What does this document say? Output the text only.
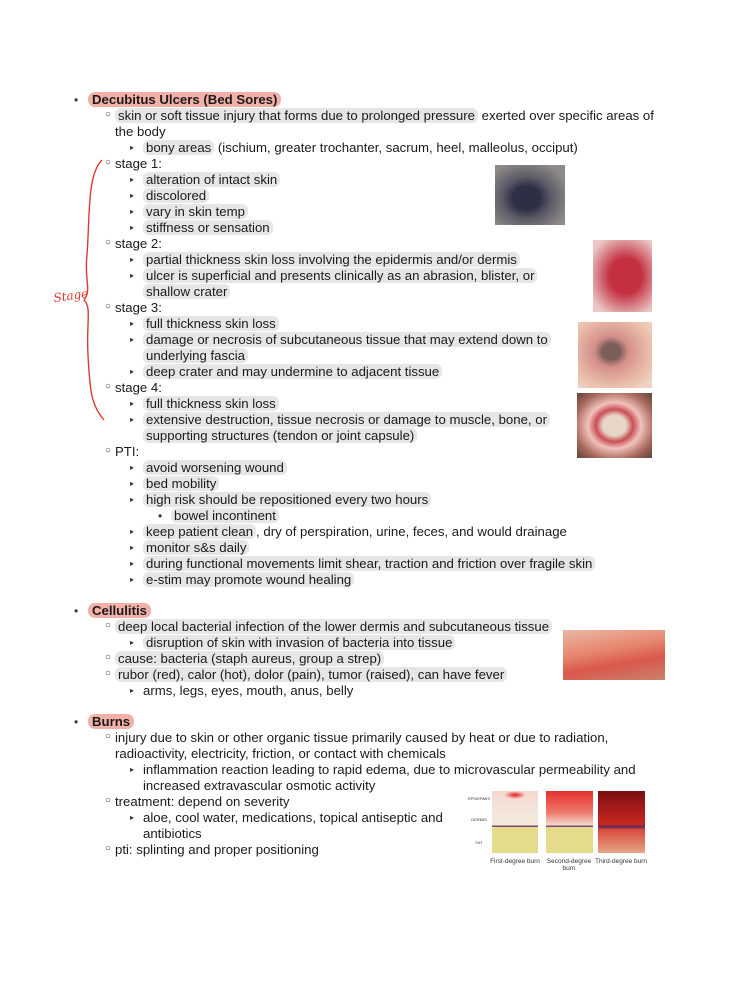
• Decubitus Ulcers (Bed Sores)
○ skin or soft tissue injury that forms due to prolonged pressure exerted over specific areas of the body
▸ bony areas (ischium, greater trochanter, sacrum, heel, malleolus, occiput)
○ stage 1:
▸ alteration of intact skin
▸ discolored
▸ vary in skin temp
▸ stiffness or sensation
○ stage 2:
▸ partial thickness skin loss involving the epidermis and/or dermis
▸ ulcer is superficial and presents clinically as an abrasion, blister, or shallow crater
○ stage 3:
▸ full thickness skin loss
▸ damage or necrosis of subcutaneous tissue that may extend down to underlying fascia
▸ deep crater and may undermine to adjacent tissue
○ stage 4:
▸ full thickness skin loss
▸ extensive destruction, tissue necrosis or damage to muscle, bone, or supporting structures (tendon or joint capsule)
○ PTI:
▸ avoid worsening wound
▸ bed mobility
▸ high risk should be repositioned every two hours
• bowel incontinent
▸ keep patient clean , dry of perspiration, urine, feces, and would drainage
▸ monitor s&s daily
▸ during functional movements limit shear, traction and friction over fragile skin
▸ e-stim may promote wound healing
• Cellulitis
○ deep local bacterial infection of the lower dermis and subcutaneous tissue
▸ disruption of skin with invasion of bacteria into tissue
○ cause: bacteria (staph aureus, group a strep)
○ rubor (red), calor (hot), dolor (pain), tumor (raised), can have fever
▸ arms, legs, eyes, mouth, anus, belly
• Burns
○ injury due to skin or other organic tissue primarily caused by heat or due to radiation, radioactivity, electricity, friction, or contact with chemicals
▸ inflammation reaction leading to rapid edema, due to microvascular permeability and increased extravascular osmotic activity
○ treatment: depend on severity
▸ aloe, cool water, medications, topical antiseptic and antibiotics
○ pti: splinting and proper positioning
Stage
EPIDERMIS
DERMIS
FAT
First-degree burn	Second-degree burn
Third-degree burn
